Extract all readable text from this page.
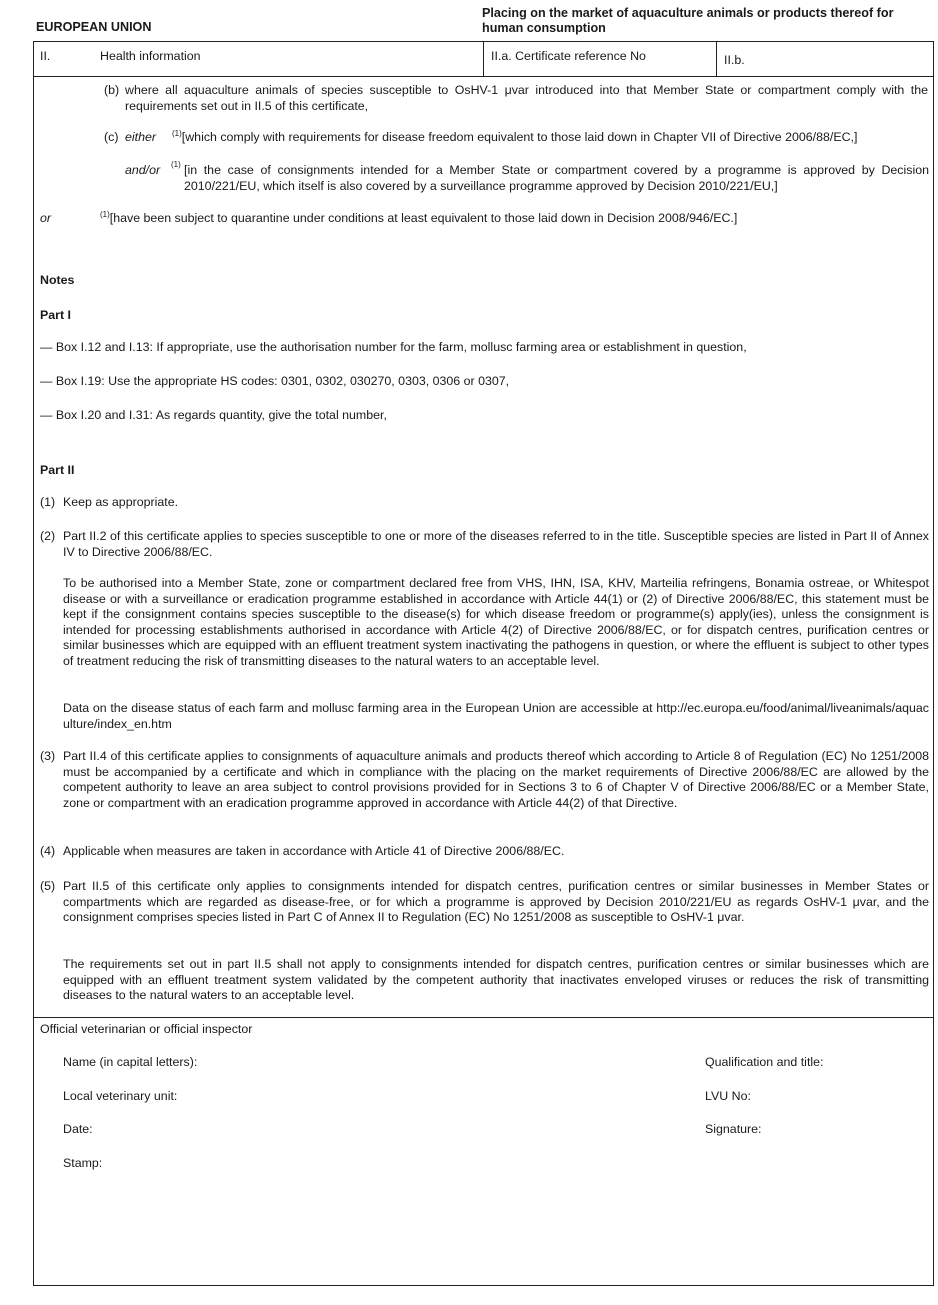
EUROPEAN UNION
Placing on the market of aquaculture animals or products thereof for human consumption
II.	Health information	II.a. Certificate reference No	II.b.
(b) where all aquaculture animals of species susceptible to OsHV-1 μvar introduced into that Member State or compartment comply with the requirements set out in II.5 of this certificate,
(c) either $^{(1)}$[which comply with requirements for disease freedom equivalent to those laid down in Chapter VII of Directive 2006/88/EC,]
and/or (1) [in the case of consignments intended for a Member State or compartment covered by a programme is approved by Decision 2010/221/EU, which itself is also covered by a surveillance programme approved by Decision 2010/221/EU,]
or	$^{(1)}$[have been subject to quarantine under conditions at least equivalent to those laid down in Decision 2008/946/EC.]
Notes
Part I
— Box I.12 and I.13: If appropriate, use the authorisation number for the farm, mollusc farming area or establishment in question,
— Box I.19: Use the appropriate HS codes: 0301, 0302, 030270, 0303, 0306 or 0307,
— Box I.20 and I.31: As regards quantity, give the total number,
Part II
(1) Keep as appropriate.
(2) Part II.2 of this certificate applies to species susceptible to one or more of the diseases referred to in the title. Susceptible species are listed in Part II of Annex IV to Directive 2006/88/EC.
To be authorised into a Member State, zone or compartment declared free from VHS, IHN, ISA, KHV, Marteilia refringens, Bonamia ostreae, or Whitespot disease or with a surveillance or eradication programme established in accordance with Article 44(1) or (2) of Directive 2006/88/EC, this statement must be kept if the consignment contains species susceptible to the disease(s) for which disease freedom or programme(s) apply(ies), unless the consignment is intended for processing establishments authorised in accordance with Article 4(2) of Directive 2006/88/EC, or for dispatch centres, purification centres or similar businesses which are equipped with an effluent treatment system inactivating the pathogens in question, or where the effluent is subject to other types of treatment reducing the risk of transmitting diseases to the natural waters to an acceptable level.
Data on the disease status of each farm and mollusc farming area in the European Union are accessible at http://ec.europa.eu/food/animal/liveanimals/aquaculture/index_en.htm
(3) Part II.4 of this certificate applies to consignments of aquaculture animals and products thereof which according to Article 8 of Regulation (EC) No 1251/2008 must be accompanied by a certificate and which in compliance with the placing on the market requirements of Directive 2006/88/EC are allowed by the competent authority to leave an area subject to control provisions provided for in Sections 3 to 6 of Chapter V of Directive 2006/88/EC or a Member State, zone or compartment with an eradication programme approved in accordance with Article 44(2) of that Directive.
(4) Applicable when measures are taken in accordance with Article 41 of Directive 2006/88/EC.
(5) Part II.5 of this certificate only applies to consignments intended for dispatch centres, purification centres or similar businesses in Member States or compartments which are regarded as disease-free, or for which a programme is approved by Decision 2010/221/EU as regards OsHV-1 μvar, and the consignment comprises species listed in Part C of Annex II to Regulation (EC) No 1251/2008 as susceptible to OsHV-1 μvar.
The requirements set out in part II.5 shall not apply to consignments intended for dispatch centres, purification centres or similar businesses which are equipped with an effluent treatment system validated by the competent authority that inactivates enveloped viruses or reduces the risk of transmitting diseases to the natural waters to an acceptable level.
Official veterinarian or official inspector
Name (in capital letters):	Qualification and title:
Local veterinary unit:	LVU No:
Date:	Signature:
Stamp:
